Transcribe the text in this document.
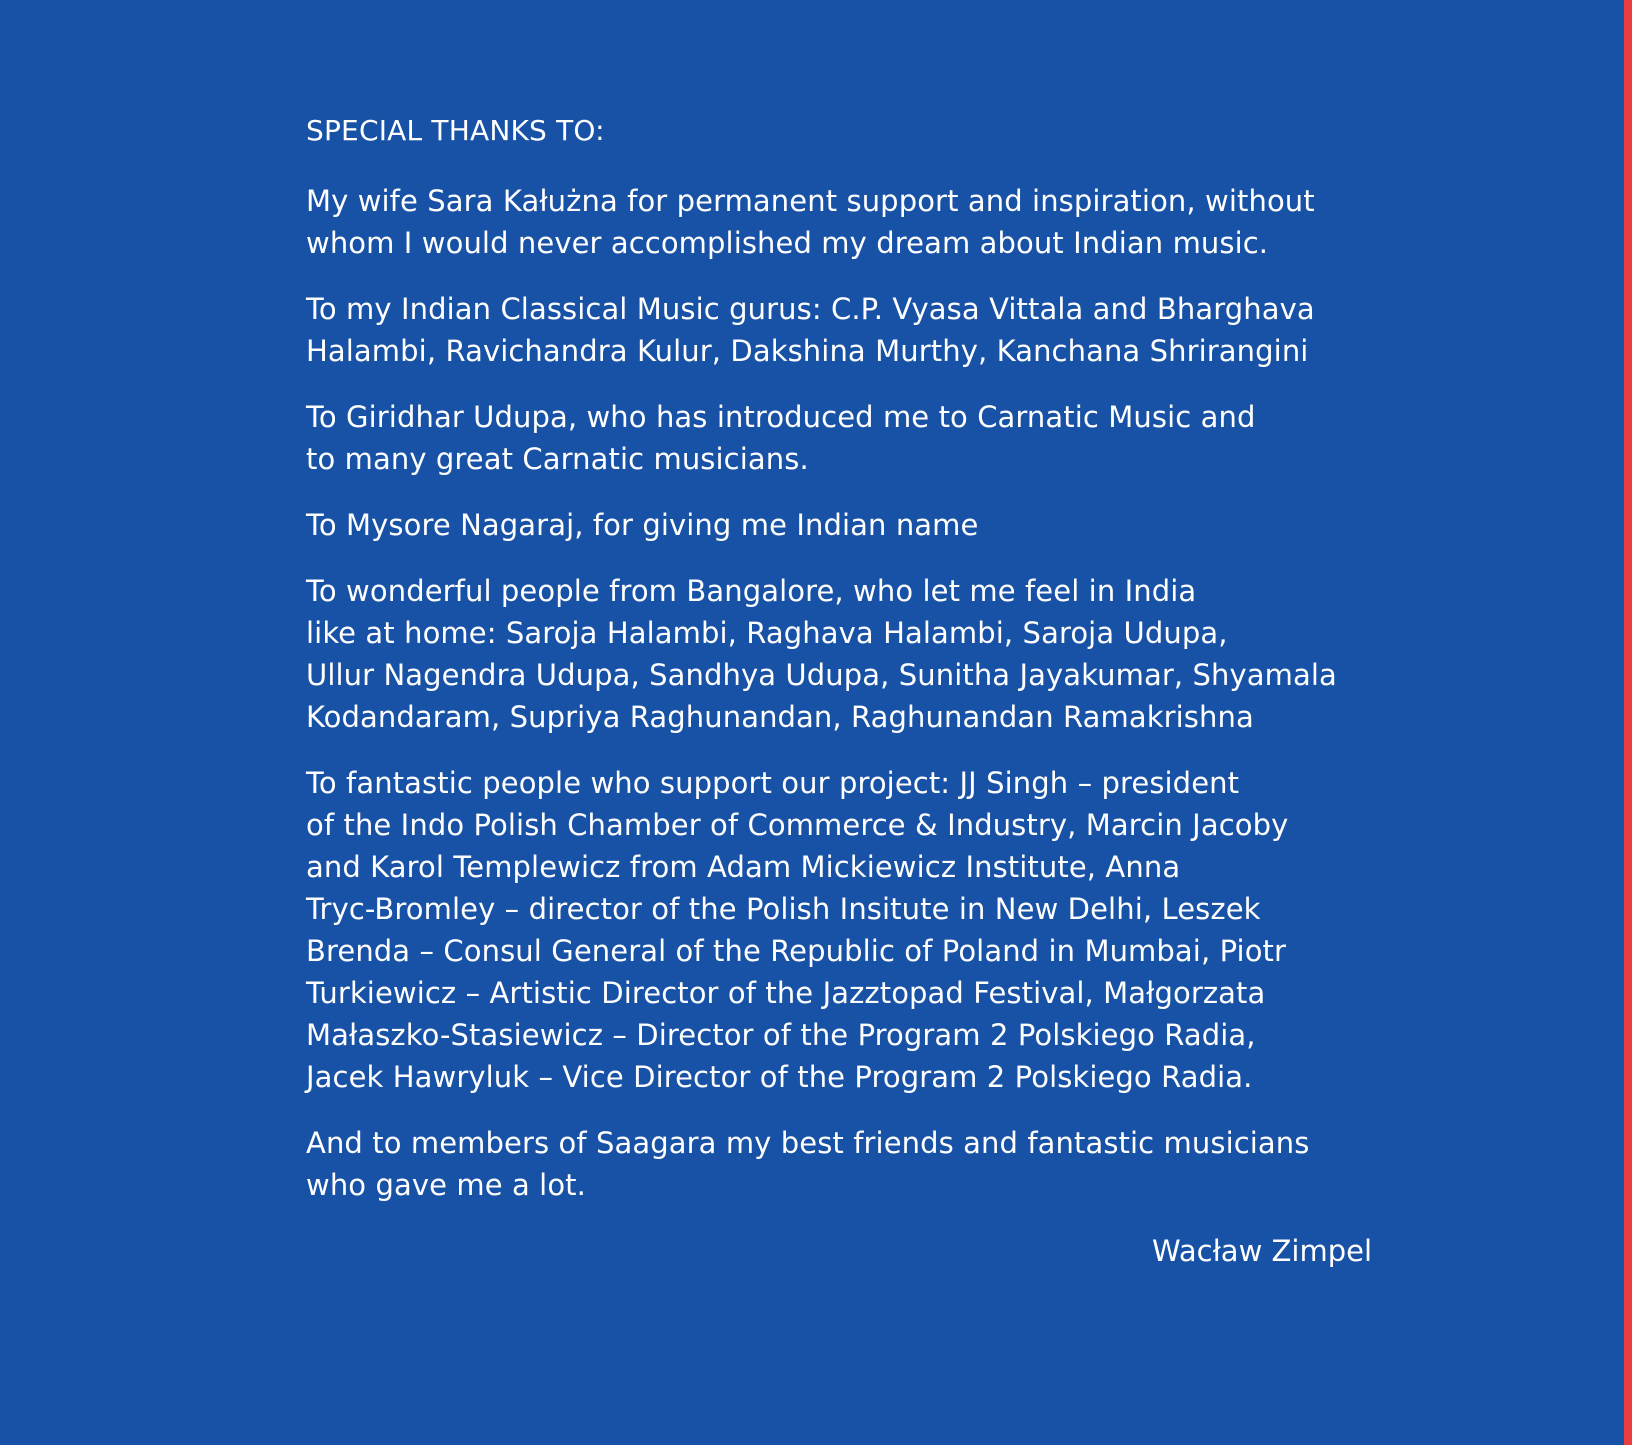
SPECIAL THANKS TO:
My wife Sara Kałużna for permanent support and inspiration, without
whom I would never accomplished my dream about Indian music.
To my Indian Classical Music gurus: C.P. Vyasa Vittala and Bharghava
Halambi, Ravichandra Kulur, Dakshina Murthy, Kanchana Shrirangini
To Giridhar Udupa, who has introduced me to Carnatic Music and
to many great Carnatic musicians.
To Mysore Nagaraj, for giving me Indian name
To wonderful people from Bangalore, who let me feel in India
like at home: Saroja Halambi, Raghava Halambi, Saroja Udupa,
Ullur Nagendra Udupa, Sandhya Udupa, Sunitha Jayakumar, Shyamala
Kodandaram, Supriya Raghunandan, Raghunandan Ramakrishna
To fantastic people who support our project: JJ Singh – president
of the Indo Polish Chamber of Commerce & Industry, Marcin Jacoby
and Karol Templewicz from Adam Mickiewicz Institute, Anna
Tryc-Bromley – director of the Polish Insitute in New Delhi, Leszek
Brenda – Consul General of the Republic of Poland in Mumbai, Piotr
Turkiewicz – Artistic Director of the Jazztopad Festival, Małgorzata
Małaszko-Stasiewicz – Director of the Program 2 Polskiego Radia,
Jacek Hawryluk – Vice Director of the Program 2 Polskiego Radia.
And to members of Saagara my best friends and fantastic musicians
who gave me a lot.
Wacław Zimpel
